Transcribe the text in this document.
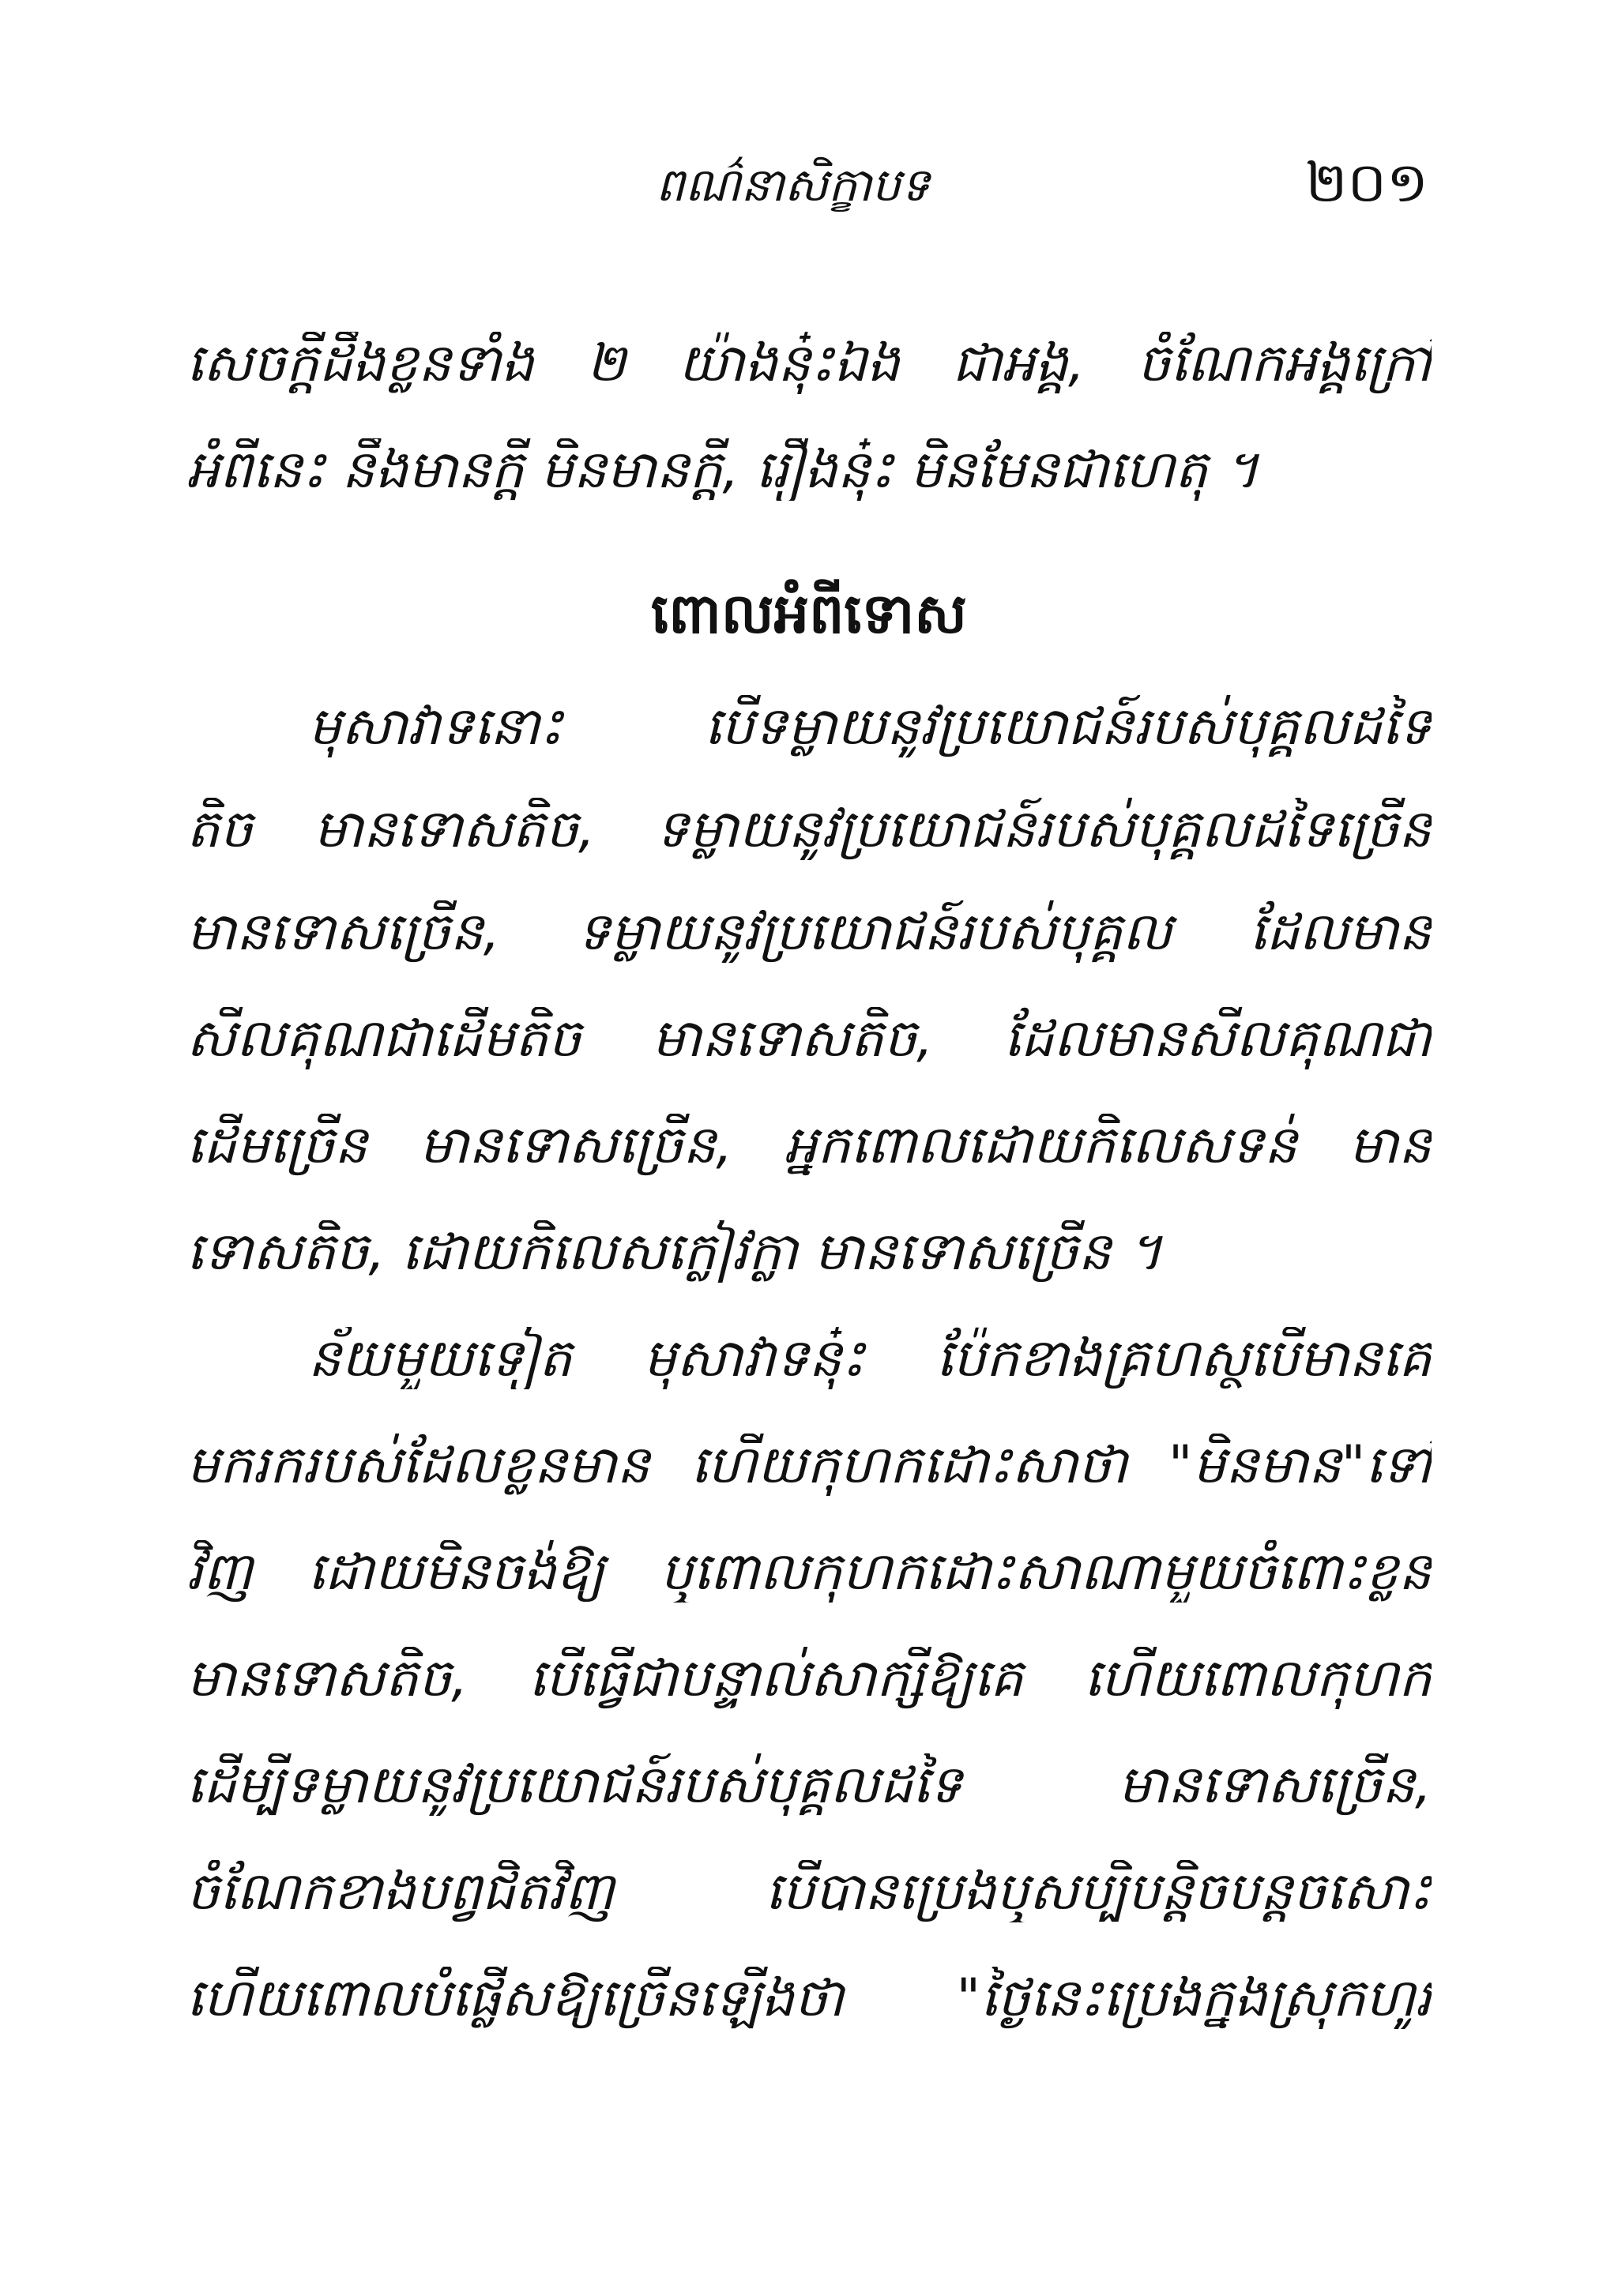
ពណ៌នាសិក្ខាបទ	២០១
សេចក្ដីដឹងខ្លួនទាំង ២ យ៉ាងនុ៎ះឯង ជាអង្គ, ចំណែកអង្គក្រៅ
អំពីនេះ នឹងមានក្ដី មិនមានក្ដី, រឿងនុ៎ះ មិនមែនជាហេតុ ។
ពោលអំពីទោស
មុសាវាទនោះ បើទម្លាយនូវប្រយោជន៍របស់បុគ្គលដទៃ
តិច មានទោសតិច, ទម្លាយនូវប្រយោជន៍របស់បុគ្គលដទៃច្រើន
មានទោសច្រើន, ទម្លាយនូវប្រយោជន៍របស់បុគ្គល ដែលមាន
សីលគុណជាដើមតិច មានទោសតិច, ដែលមានសីលគុណជា
ដើមច្រើន មានទោសច្រើន, អ្នកពោលដោយកិលេសទន់ មាន
ទោសតិច, ដោយកិលេសក្លៀវក្លា មានទោសច្រើន ។
ន័យមួយទៀត មុសាវាទនុ៎ះ ប៉ែកខាងគ្រហស្ថបើមានគេ
មករករបស់ដែលខ្លួនមាន ហើយកុហកដោះសាថា "មិនមាន"ទៅ
វិញ ដោយមិនចង់ឱ្យ ឬពោលកុហកដោះសាណាមួយចំពោះខ្លួន
មានទោសតិច, បើធ្វើជាបន្ទាល់សាក្សីឱ្យគេ ហើយពោលកុហក
ដើម្បីទម្លាយនូវប្រយោជន៍របស់បុគ្គលដទៃ មានទោសច្រើន,
ចំណែកខាងបព្វជិតវិញ បើបានប្រេងឬសប្បិបន្តិចបន្តួចសោះ
ហើយពោលបំផ្លើសឱ្យច្រើនឡើងថា "ថ្ងៃនេះប្រេងក្នុងស្រុកហូរ
